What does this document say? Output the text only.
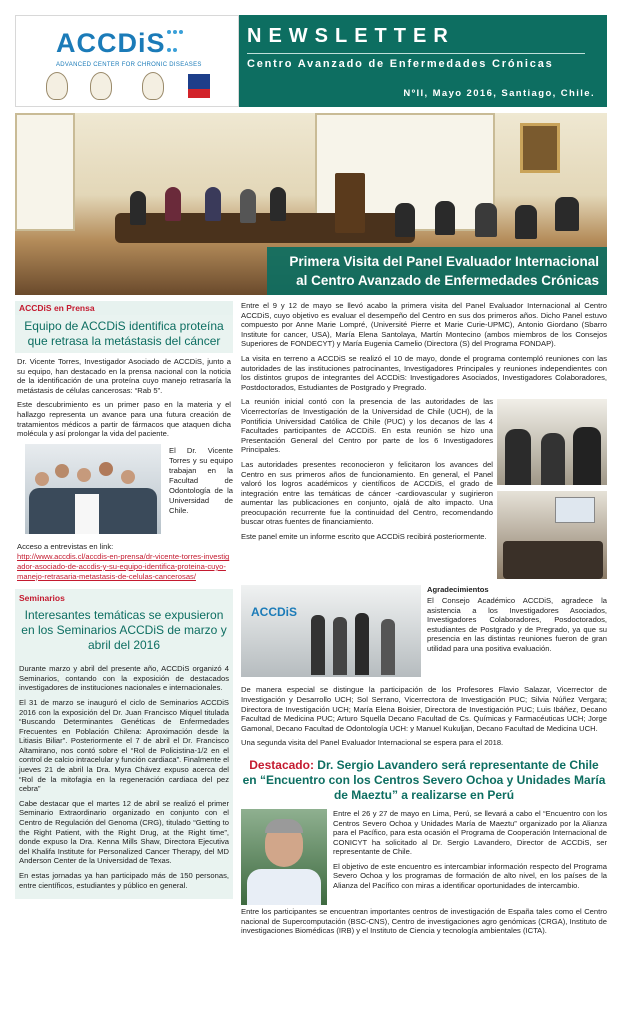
ACCDiS
ADVANCED CENTER FOR CHRONIC DISEASES
NEWSLETTER
Centro Avanzado de Enfermedades Crónicas
NºII, Mayo 2016, Santiago, Chile.
Primera Visita del Panel Evaluador Internacional
al Centro Avanzado de Enfermedades Crónicas
ACCDiS en Prensa
Equipo de ACCDiS identifica proteína que retrasa la metástasis del cáncer

Dr. Vicente Torres, Investigador Asociado de ACCDiS, junto a su equipo, han destacado en la prensa nacional con la noticia de la identificación de una proteína cuyo manejo retrasaría la metástasis de células cancerosas: “Rab 5”.

Este descubrimiento es un primer paso en la materia y el hallazgo representa un avance para una futura creación de tratamientos médicos a partir de fármacos que ataquen dicha molécula y así prolongar la vida del paciente.

El Dr. Vicente Torres y su equipo trabajan en la Facultad de Odontología de la Universidad de Chile.

Acceso a entrevistas en link:

http://www.accdis.cl/accdis-en-prensa/dr-vicente-torres-investigador-asociado-de-accdis-y-su-equipo-identifica-proteina-cuyo-manejo-retrasaria-metastasis-de-celulas-cancerosas/
Seminarios
Interesantes temáticas se expusieron en los Seminarios ACCDiS de marzo y abril del 2016

Durante marzo y abril del presente año, ACCDiS organizó 4 Seminarios, contando con la exposición de destacados investigadores de instituciones nacionales e internacionales.

El 31 de marzo se inauguró el ciclo de Seminarios ACCDiS 2016 con la exposición del Dr. Juan Francisco Miquel titulada “Buscando Determinantes Genéticas de Enfermedades Frecuentes en Población Chilena: Aproximación desde la Litiasis Biliar”. Posteriormente el 7 de abril el Dr. Francisco Altamirano, nos contó sobre el “Rol de Policistina-1/2 en el control de calcio intracelular y función cardiaca”. Finalmente el jueves 21 de abril la Dra. Myra Chávez expuso acerca del “Rol de la mitofagia en la regeneración cardiaca del pez cebra”

Cabe destacar que el martes 12 de abril se realizó el primer Seminario Extraordinario organizado en conjunto con el Centro de Regulación del Genoma (CRG), titulado “Getting to the Right Patient, with the Right Drug, at the Right time”, donde expuso la Dra. Kenna Mills Shaw, Directora Ejecutiva del Khalifa Institute for Personalized Cancer Therapy, del MD Anderson Center de la Universidad de Texas.

En estas jornadas ya han participado más de 150 personas, entre científicos, estudiantes y público en general.

Entre el 9 y 12 de mayo se llevó acabo la primera visita del Panel Evaluador Internacional al Centro ACCDiS, cuyo objetivo es evaluar el desempeño del Centro en sus dos primeros años. Dicho Panel estuvo compuesto por Anne Marie Lompré, (Université Pierre et Marie Curie-UPMC), Antonio Giordano (Sbarro Institute for cancer, USA), María Elena Santolaya, Martín Montecino (ambos miembros de los Consejos Superiores de FONDECYT) y María Eugenia Camelio (Directora (S) del Programa FONDAP).

La visita en terreno a ACCDiS se realizó el 10 de mayo, donde el programa contempló reuniones con las autoridades de las instituciones patrocinantes, Investigadores Principales y reuniones independientes con los distintos grupos de integrantes del ACCDiS: Investigadores Asociados, Investigadores Colaboradores, Postdoctorados, Estudiantes de Postgrado y Pregrado.

La reunión inicial contó con la presencia de las autoridades de las Vicerrectorías de Investigación de la Universidad de Chile (UCH), de la Pontificia Universidad Católica de Chile (PUC) y los decanos de las 4 Facultades participantes de ACCDiS. En esta reunión se hizo una Presentación General del Centro por parte de los 6 Investigadores Principales.

Las autoridades presentes reconocieron y felicitaron los avances del Centro en sus primeros años de funcionamiento. En general, el Panel valoró los logros académicos y científicos de ACCDiS, el grado de integración entre las temáticas de cáncer -cardiovascular y sugirieron aumentar las publicaciones en conjunto, ojalá de alto impacto. Una preocupación recurrente fue la continuidad del Centro, recomendando buscar otras fuentes de financiamiento.

Este panel emite un informe escrito que ACCDiS recibirá posteriormente.

ACCDiS

Agradecimientos

El Consejo Académico ACCDiS, agradece la asistencia a los Investigadores Asociados, Investigadores Colaboradores, Posdoctorados, estudiantes de Postgrado y de Pregrado, ya que su presencia en las distintas reuniones fueron de gran utilidad para una positiva evaluación.

De manera especial se distingue la participación de los Profesores Flavio Salazar, Vicerrector de Investigación y Desarrollo UCH; Sol Serrano, Vicerrectora de Investigación PUC; Silvia Núñez Vergara; Directora de Investigación UCH; María Elena Boisier, Directora de Investigación PUC; Luis Ibáñez, Decano Facultad de Medicina PUC; Arturo Squella Decano Facultad de Cs. Químicas y Farmacéuticas UCH; Jorge Gamonal, Decano Facultad de Odontología UCH: y Manuel Kukuljan, Decano Facultad de Medicina UCH.

Una segunda visita del Panel Evaluador Internacional se espera para el 2018.

Destacado: Dr. Sergio Lavandero será representante de Chile en “Encuentro con los Centros Severo Ochoa y Unidades María de Maeztu” a realizarse en Perú

Entre el 26 y 27 de mayo en Lima, Perú, se llevará a cabo el “Encuentro con los Centros Severo Ochoa y Unidades María de Maeztu” organizado por la Alianza para el Pacífico, para esta ocasión el Programa de Cooperación Internacional de CONICYT ha solicitado al Dr. Sergio Lavandero, Director de ACCDiS, ser representante de Chile.

El objetivo de este encuentro es intercambiar información respecto del Programa Severo Ochoa y los programas de formación de alto nivel, en los países de la Alianza del Pacífico con miras a identificar oportunidades de intercambio.

Entre los participantes se encuentran importantes centros de investigación de España tales como el Centro nacional de Supercomputación (BSC-CNS), Centro de investigaciones agro genómicas (CRGA), Instituto de investigaciones Biomédicas (IRB) y el Instituto de Ciencia y tecnología ambientales (ICTA).
